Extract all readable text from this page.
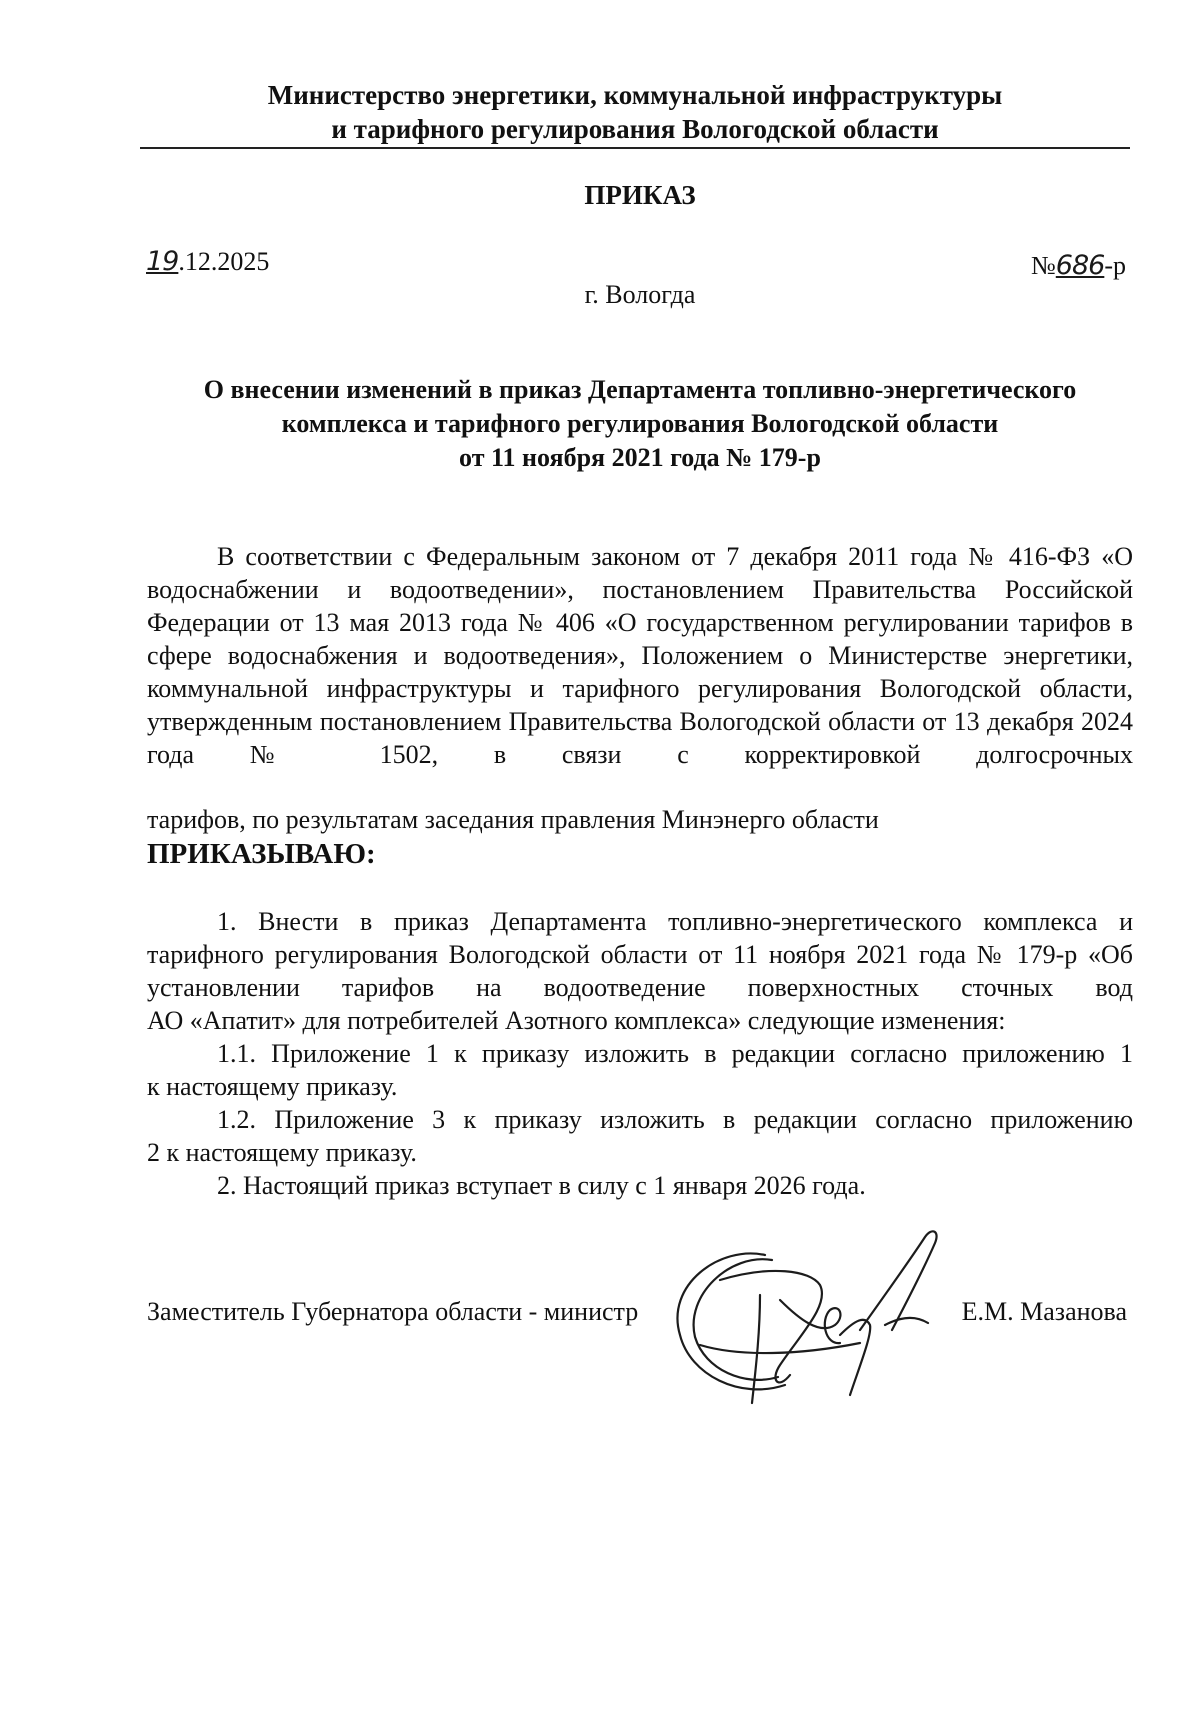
Министерство энергетики, коммунальной инфраструктуры
и тарифного регулирования Вологодской области
ПРИКАЗ
19.12.2025	№686-р
г. Вологда
О внесении изменений в приказ Департамента топливно-энергетического
комплекса и тарифного регулирования Вологодской области
от 11 ноября 2021 года № 179-р
В соответствии с Федеральным законом от 7 декабря 2011 года № 416-ФЗ «О водоснабжении и водоотведении», постановлением Правительства Российской Федерации от 13 мая 2013 года № 406 «О государственном регулировании тарифов в сфере водоснабжения и водоотведения», Положением о Министерстве энергетики, коммунальной инфраструктуры и тарифного регулирования Вологодской области, утвержденным постановлением Правительства Вологодской области от 13 декабря 2024 года № 1502, в связи с корректировкой долгосрочных
тарифов, по результатам заседания правления Минэнерго области
ПРИКАЗЫВАЮ:
1. Внести в приказ Департамента топливно-энергетического комплекса и тарифного регулирования Вологодской области от 11 ноября 2021 года № 179-р «Об установлении тарифов на водоотведение поверхностных сточных вод
АО «Апатит» для потребителей Азотного комплекса» следующие изменения:
1.1. Приложение 1 к приказу изложить в редакции согласно приложению 1
к настоящему приказу.
1.2. Приложение 3 к приказу изложить в редакции согласно приложению
2 к настоящему приказу.
2. Настоящий приказ вступает в силу с 1 января 2026 года.
Заместитель Губернатора области - министр	Е.М. Мазанова
